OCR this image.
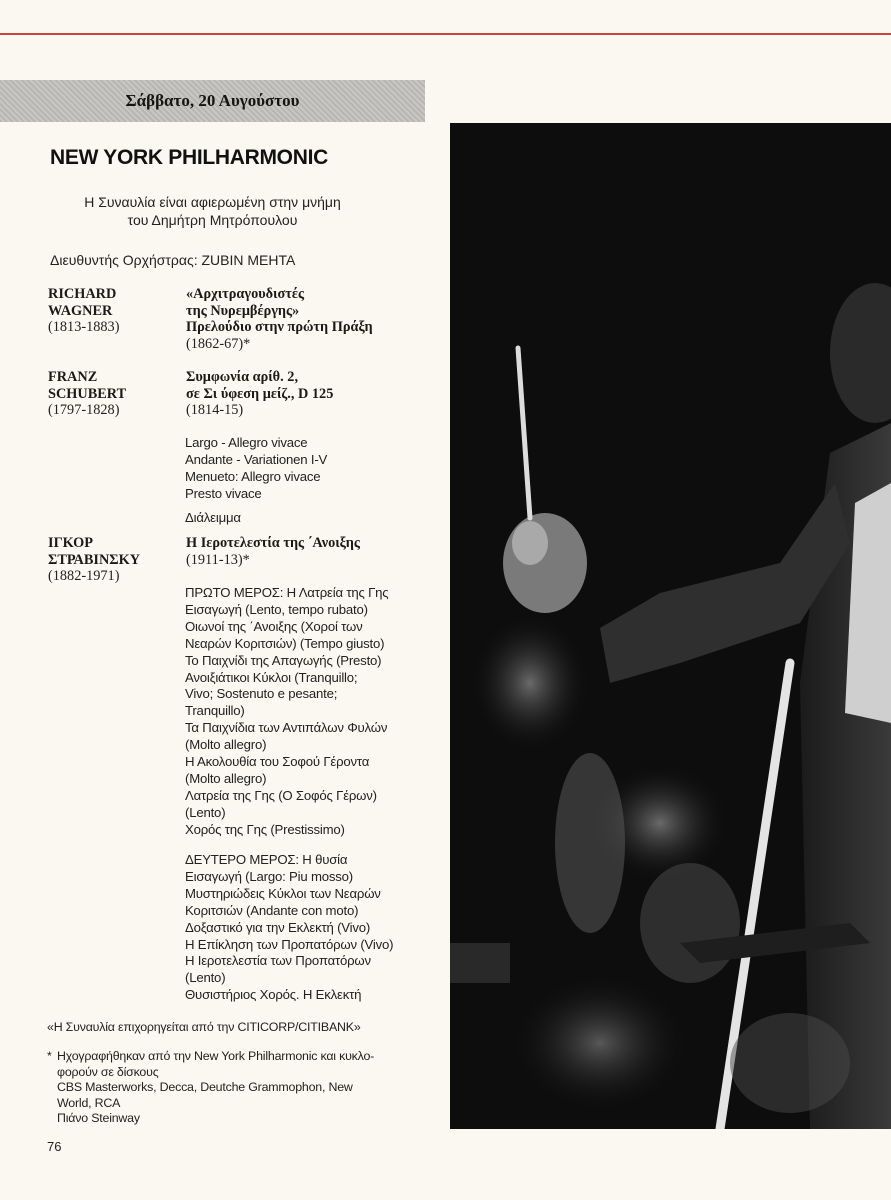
Σάββατο, 20 Αυγούστου
NEW YORK PHILHARMONIC
Η Συναυλία είναι αφιερωμένη στην μνήμη
του Δημήτρη Μητρόπουλου
Διευθυντής Ορχήστρας: ZUBIN MEHTA
RICHARD
WAGNER
(1813-1883)
«Αρχιτραγουδιστές
της Νυρεμβέργης»
Πρελούδιο στην πρώτη Πράξη
(1862-67)*
FRANZ
SCHUBERT
(1797-1828)
Συμφωνία αρίθ. 2,
σε Σι ύφεση μείζ., D 125
(1814-15)
Largo - Allegro vivace
Andante - Variationen I-V
Menueto: Allegro vivace
Presto vivace
Διάλειμμα
ΙΓΚΟΡ
ΣΤΡΑΒΙΝΣΚΥ
(1882-1971)
Η Ιεροτελεστία της ΄Ανοιξης
(1911-13)*
ΠΡΩΤΟ ΜΕΡΟΣ: Η Λατρεία της Γης
Εισαγωγή (Lento, tempo rubato)
Οιωνοί της ΄Ανοιξης (Χοροί των
Νεαρών Κοριτσιών) (Tempo giusto)
Το Παιχνίδι της Απαγωγής (Presto)
Ανοιξιάτικοι Κύκλοι (Tranquillo;
Vivo; Sostenuto e pesante;
Tranquillo)
Τα Παιχνίδια των Αντιπάλων Φυλών
(Molto allegro)
Η Ακολουθία του Σοφού Γέροντα
(Molto allegro)
Λατρεία της Γης (Ο Σοφός Γέρων)
(Lento)
Χορός της Γης (Prestissimo)
ΔΕΥΤΕΡΟ ΜΕΡΟΣ: Η θυσία
Εισαγωγή (Largo: Piu mosso)
Μυστηριώδεις Κύκλοι των Νεαρών
Κοριτσιών (Andante con moto)
Δοξαστικό για την Εκλεκτή (Vivo)
Η Επίκληση των Προπατόρων (Vivo)
Η Ιεροτελεστία των Προπατόρων
(Lento)
Θυσιστήριος Χορός. Η Εκλεκτή
«Η Συναυλία επιχορηγείται από την CITICORP/CITIBANK»
* Ηχογραφήθηκαν από την New York Philharmonic και κυκλο-
φορούν σε δίσκους
CBS Masterworks, Decca, Deutche Grammophon, New
World, RCA
Πιάνο Steinway
76
